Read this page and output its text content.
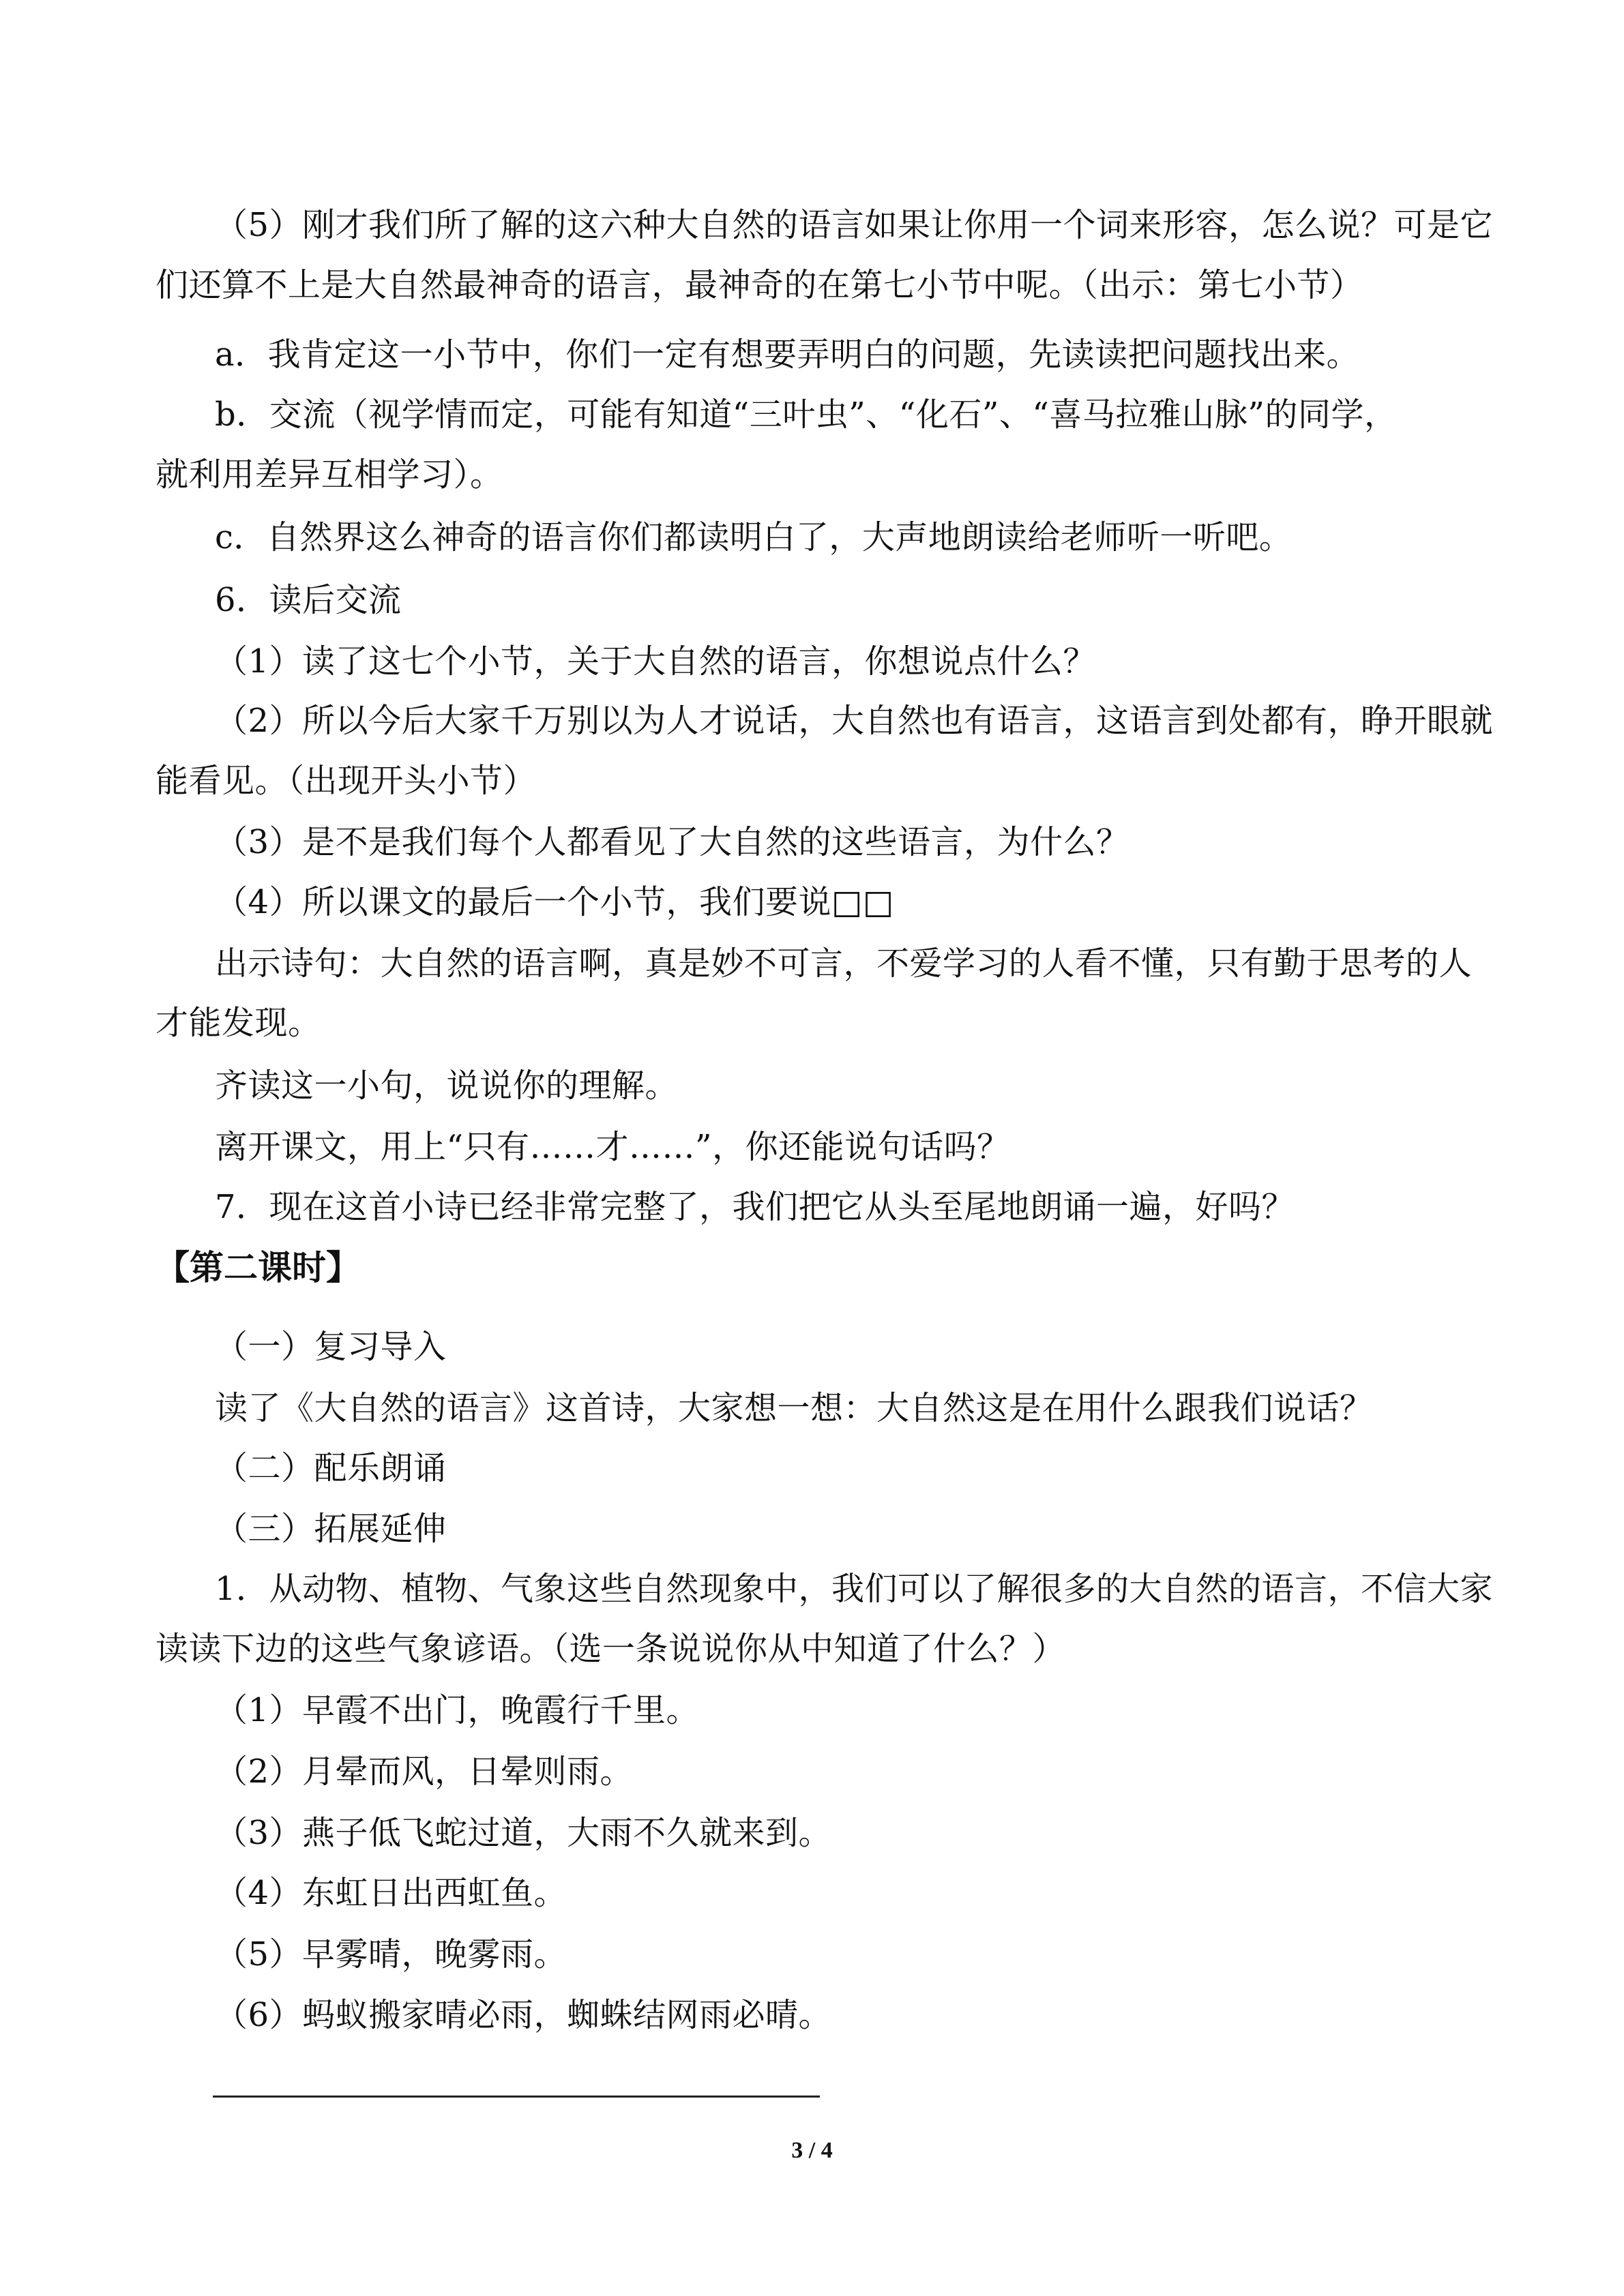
（5）刚才我们所了解的这六种大自然的语言如果让你用一个词来形容，怎么说？可是它
们还算不上是大自然最神奇的语言，最神奇的在第七小节中呢。（出示：第七小节）
a．我肯定这一小节中，你们一定有想要弄明白的问题，先读读把问题找出来。
b．交流（视学情而定，可能有知道“三叶虫”、“化石”、“喜马拉雅山脉”的同学，
就利用差异互相学习）。
c．自然界这么神奇的语言你们都读明白了，大声地朗读给老师听一听吧。
6．读后交流
（1）读了这七个小节，关于大自然的语言，你想说点什么？
（2）所以今后大家千万别以为人才说话，大自然也有语言，这语言到处都有，睁开眼就
能看见。（出现开头小节）
（3）是不是我们每个人都看见了大自然的这些语言，为什么？
（4）所以课文的最后一个小节，我们要说□□
出示诗句：大自然的语言啊，真是妙不可言，不爱学习的人看不懂，只有勤于思考的人
才能发现。
齐读这一小句，说说你的理解。
离开课文，用上“只有……才……”，你还能说句话吗？
7．现在这首小诗已经非常完整了，我们把它从头至尾地朗诵一遍，好吗？
【第二课时】
（一）复习导入
读了《大自然的语言》这首诗，大家想一想：大自然这是在用什么跟我们说话？
（二）配乐朗诵
（三）拓展延伸
1．从动物、植物、气象这些自然现象中，我们可以了解很多的大自然的语言，不信大家
读读下边的这些气象谚语。（选一条说说你从中知道了什么？）
（1）早霞不出门，晚霞行千里。
（2）月晕而风，日晕则雨。
（3）燕子低飞蛇过道，大雨不久就来到。
（4）东虹日出西虹鱼。
（5）早雾晴，晚雾雨。
（6）蚂蚁搬家晴必雨，蜘蛛结网雨必晴。
3 / 4
